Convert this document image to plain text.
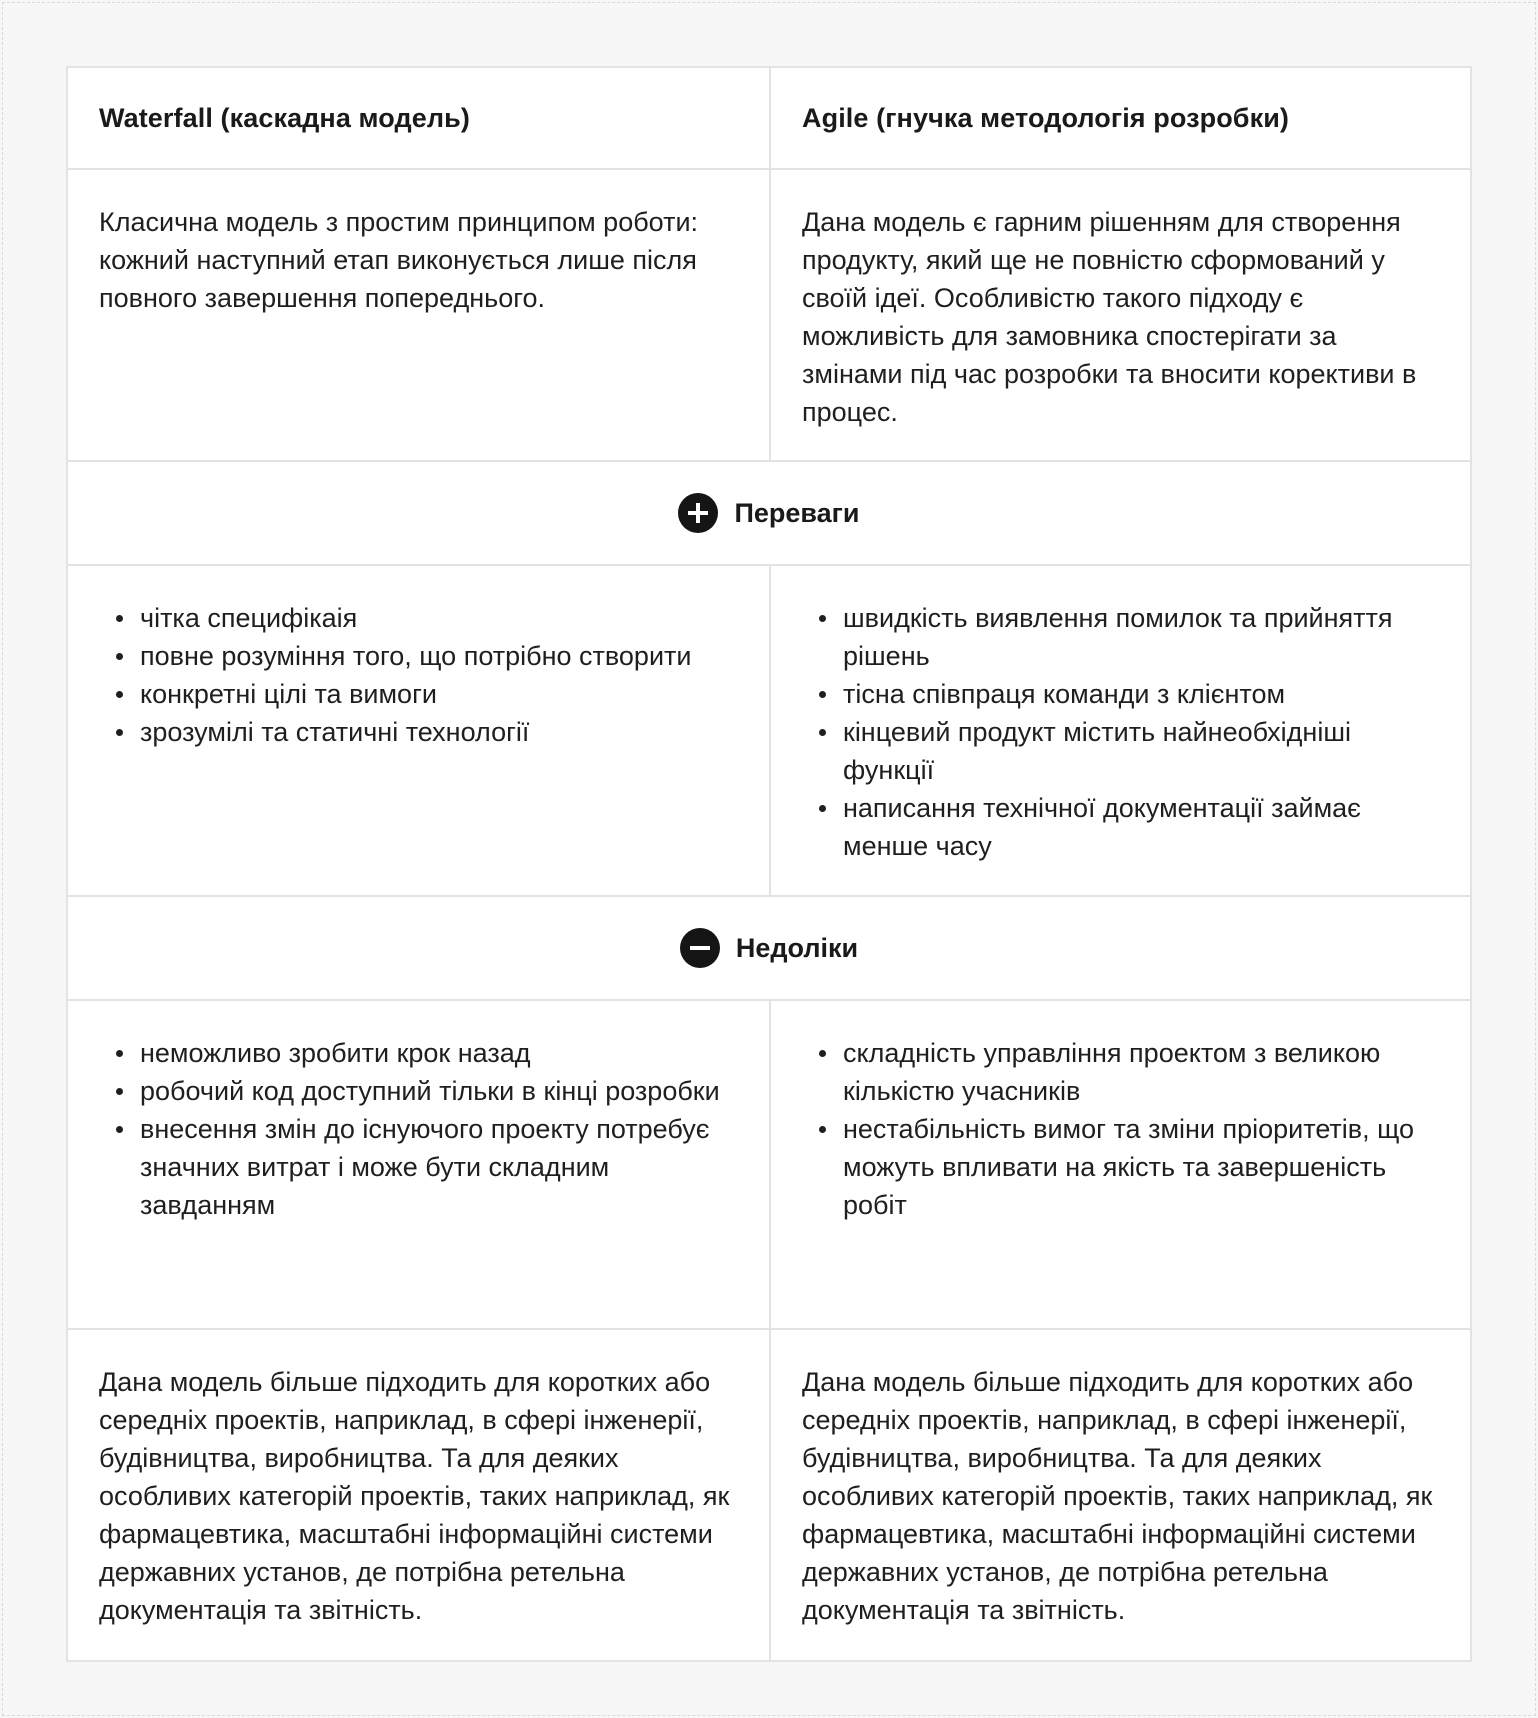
Waterfall (каскадна модель)	Agile (гнучка методологія розробки)

Класична модель з простим принципом роботи: кожний наступний етап виконується лише після повного завершення попереднього.

Дана модель є гарним рішенням для створення продукту, який ще не повністю сформований у своїй ідеї. Особливістю такого підходу є можливість для замовника спостерігати за змінами під час розробки та вносити корективи в процес.

Переваги
чітка специфікаія
повне розуміння того, що потрібно створити
конкретні цілі та вимоги
зрозумілі та статичні технології
швидкість виявлення помилок та прийняття рішень
тісна співпраця команди з клієнтом
кінцевий продукт містить найнеобхідніші функції
написання технічної документації займає менше часу
Недоліки
неможливо зробити крок назад
робочий код доступний тільки в кінці розробки
внесення змін до існуючого проекту потребує значних витрат і може бути складним завданням
складність управління проектом з великою кількістю учасників
нестабільність вимог та зміни пріоритетів, що можуть впливати на якість та завершеність робіт

Дана модель більше підходить для коротких або середніх проектів, наприклад, в сфері інженерії, будівництва, виробництва. Та для деяких особливих категорій проектів, таких наприклад, як фармацевтика, масштабні інформаційні системи державних установ, де потрібна ретельна документація та звітність.

Дана модель більше підходить для коротких або середніх проектів, наприклад, в сфері інженерії, будівництва, виробництва. Та для деяких особливих категорій проектів, таких наприклад, як фармацевтика, масштабні інформаційні системи державних установ, де потрібна ретельна документація та звітність.
